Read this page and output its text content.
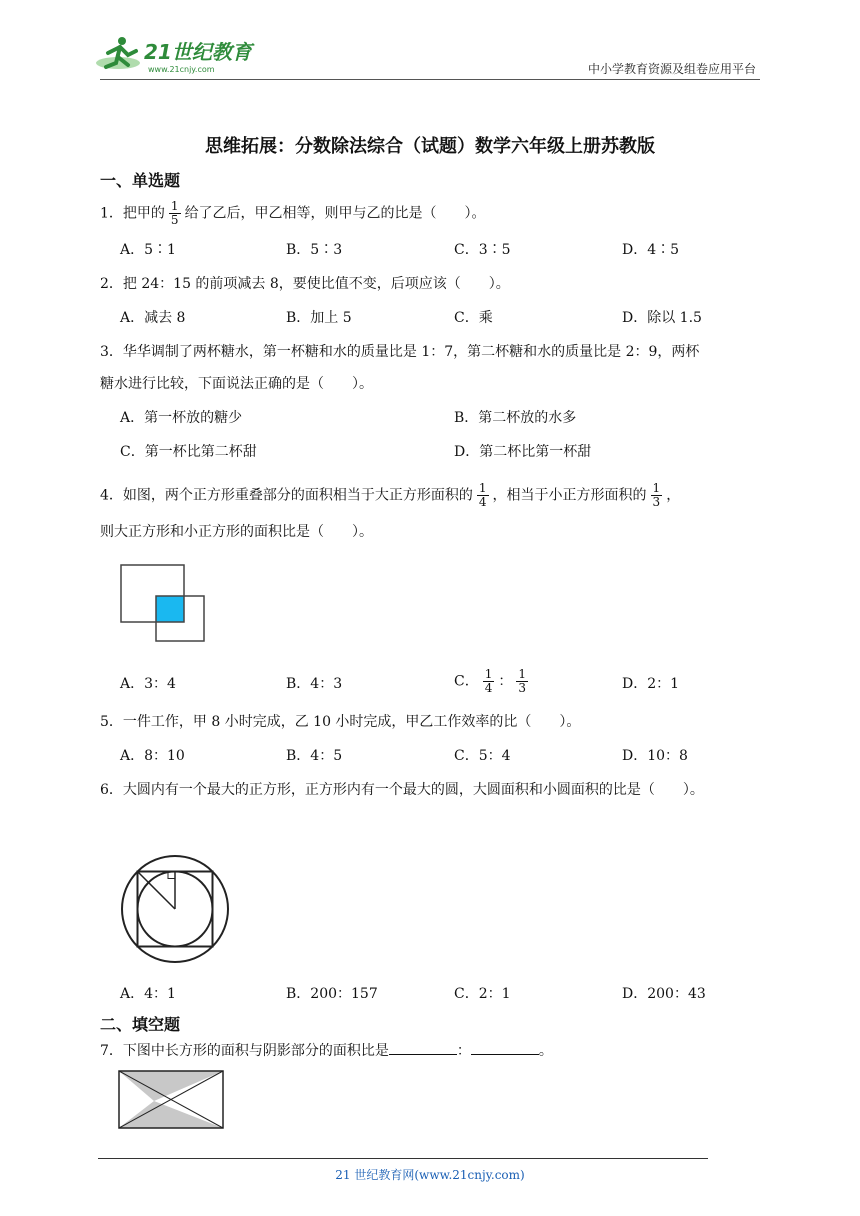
21世纪教育
www.21cnjy.com	中小学教育资源及组卷应用平台
思维拓展：分数除法综合（试题）数学六年级上册苏教版
一、单选题
1．把甲的 $\frac{1}{5}$ 给了乙后，甲乙相等，则甲与乙的比是（　　）。
A．5∶1	B．5∶3	C．3∶5	D．4∶5
2．把 24：15 的前项减去 8，要使比值不变，后项应该（　　）。
A．减去 8	B．加上 5	C．乘	D．除以 1.5
3．华华调制了两杯糖水，第一杯糖和水的质量比是 1：7，第二杯糖和水的质量比是 2：9，两杯
糖水进行比较，下面说法正确的是（　　）。
A．第一杯放的糖少	B．第二杯放的水多
C．第一杯比第二杯甜	D．第二杯比第一杯甜
4．如图，两个正方形重叠部分的面积相当于大正方形面积的 $\frac{1}{4}$ ，相当于小正方形面积的 $\frac{1}{3}$ ，
则大正方形和小正方形的面积比是（　　）。
A．3：4	B．4：3	C． $\frac{1}{4}$ ： $\frac{1}{3}$	D．2：1
5．一件工作，甲 8 小时完成，乙 10 小时完成，甲乙工作效率的比（　　）。
A．8：10	B．4：5	C．5：4	D．10：8
6．大圆内有一个最大的正方形，正方形内有一个最大的圆，大圆面积和小圆面积的比是（　　）。
A．4：1	B．200：157	C．2：1	D．200：43
二、填空题
7．下图中长方形的面积与阴影部分的面积比是	：	。
21 世纪教育网(www.21cnjy.com)
